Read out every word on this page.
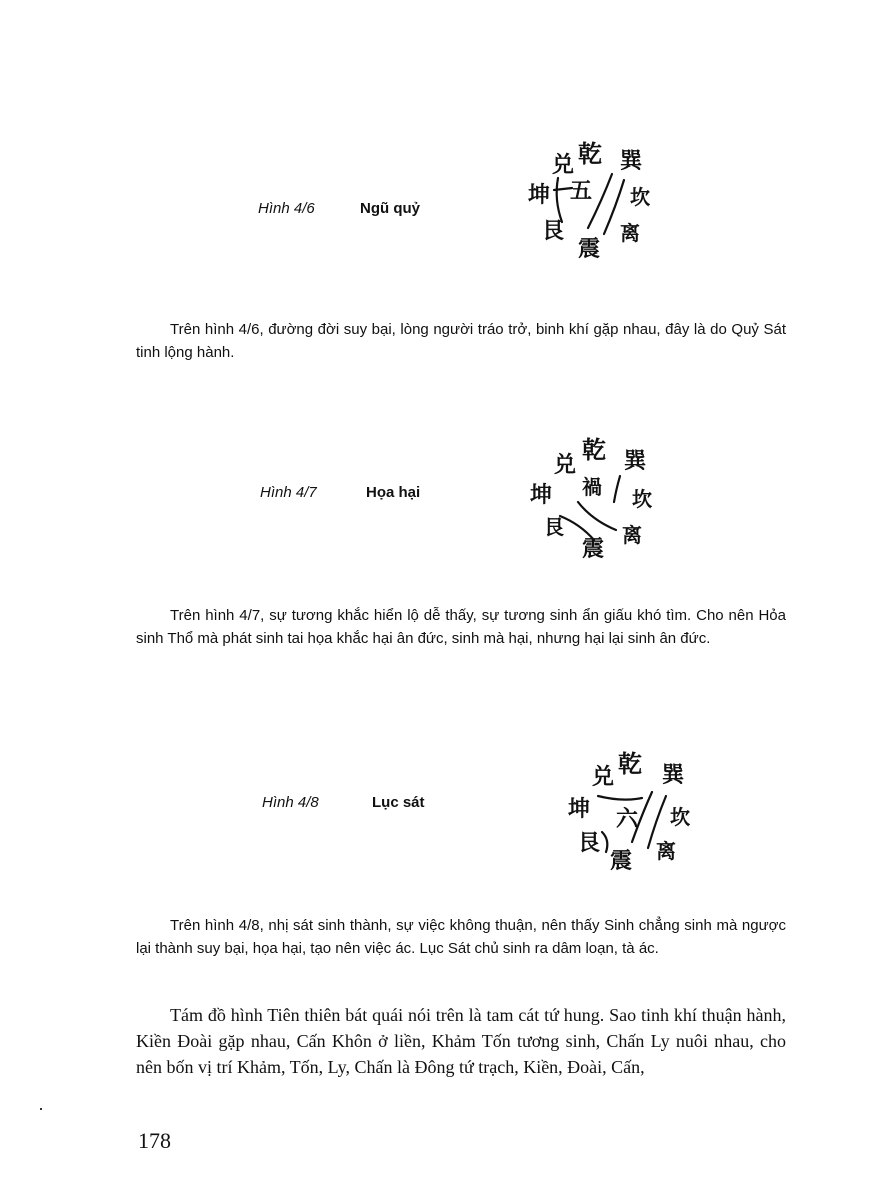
Hình 4/6	Ngũ quỷ
兑 乾 巽
坤	坎
艮	离
震
五

Trên hình 4/6, đường đời suy bại, lòng người tráo trở, binh khí gặp nhau, đây là do Quỷ Sát tinh lộng hành.

Hình 4/7	Họa hại
兑
乾 巽
坤	坎
艮	离
震
禍

Trên hình 4/7, sự tương khắc hiển lộ dễ thấy, sự tương sinh ẩn giấu khó tìm. Cho nên Hỏa sinh Thổ mà phát sinh tai họa khắc hại ân đức, sinh mà hại, nhưng hại lại sinh ân đức.

Hình 4/8	Lục sát
兑 乾 巽
坤	坎
艮	离
震
六

Trên hình 4/8, nhị sát sinh thành, sự việc không thuận, nên thấy Sinh chẳng sinh mà ngược lại thành suy bại, họa hại, tạo nên việc ác. Lục Sát chủ sinh ra dâm loạn, tà ác.

Tám đồ hình Tiên thiên bát quái nói trên là tam cát tứ hung. Sao tinh khí thuận hành, Kiền Đoài gặp nhau, Cấn Khôn ở liền, Khảm Tốn tương sinh, Chấn Ly nuôi nhau, cho nên bốn vị trí Khảm, Tốn, Ly, Chấn là Đông tứ trạch, Kiền, Đoài, Cấn,

178
